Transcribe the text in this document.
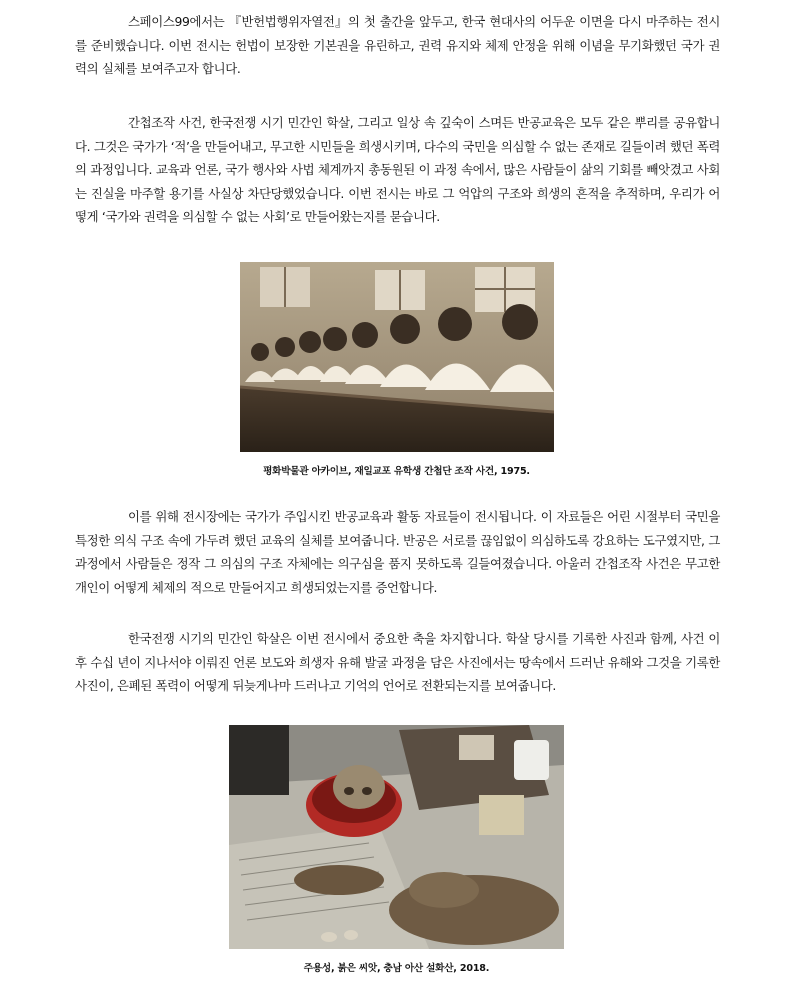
스페이스99에서는 『반헌법행위자열전』의 첫 출간을 앞두고, 한국 현대사의 어두운 이면을 다시 마주하는 전시를 준비했습니다. 이번 전시는 헌법이 보장한 기본권을 유린하고, 권력 유지와 체제 안정을 위해 이념을 무기화했던 국가 권력의 실체를 보여주고자 합니다.

간첩조작 사건, 한국전쟁 시기 민간인 학살, 그리고 일상 속 깊숙이 스며든 반공교육은 모두 같은 뿌리를 공유합니다. 그것은 국가가 ‘적’을 만들어내고, 무고한 시민들을 희생시키며, 다수의 국민을 의심할 수 없는 존재로 길들이려 했던 폭력의 과정입니다. 교육과 언론, 국가 행사와 사법 체계까지 총동원된 이 과정 속에서, 많은 사람들이 삶의 기회를 빼앗겼고 사회는 진실을 마주할 용기를 사실상 차단당했었습니다. 이번 전시는 바로 그 억압의 구조와 희생의 흔적을 추적하며, 우리가 어떻게 ‘국가와 권력을 의심할 수 없는 사회’로 만들어왔는지를 묻습니다.

평화박물관 아카이브, 재일교포 유학생 간첩단 조작 사건, 1975.

이를 위해 전시장에는 국가가 주입시킨 반공교육과 활동 자료들이 전시됩니다. 이 자료들은 어린 시절부터 국민을 특정한 의식 구조 속에 가두려 했던 교육의 실체를 보여줍니다. 반공은 서로를 끊임없이 의심하도록 강요하는 도구였지만, 그 과정에서 사람들은 정작 그 의심의 구조 자체에는 의구심을 품지 못하도록 길들여졌습니다. 아울러 간첩조작 사건은 무고한 개인이 어떻게 체제의 적으로 만들어지고 희생되었는지를 증언합니다.

한국전쟁 시기의 민간인 학살은 이번 전시에서 중요한 축을 차지합니다. 학살 당시를 기록한 사진과 함께, 사건 이후 수십 년이 지나서야 이뤄진 언론 보도와 희생자 유해 발굴 과정을 담은 사진에서는 땅속에서 드러난 유해와 그것을 기록한 사진이, 은폐된 폭력이 어떻게 뒤늦게나마 드러나고 기억의 언어로 전환되는지를 보여줍니다.

주용성, 붉은 씨앗, 충남 아산 설화산, 2018.
